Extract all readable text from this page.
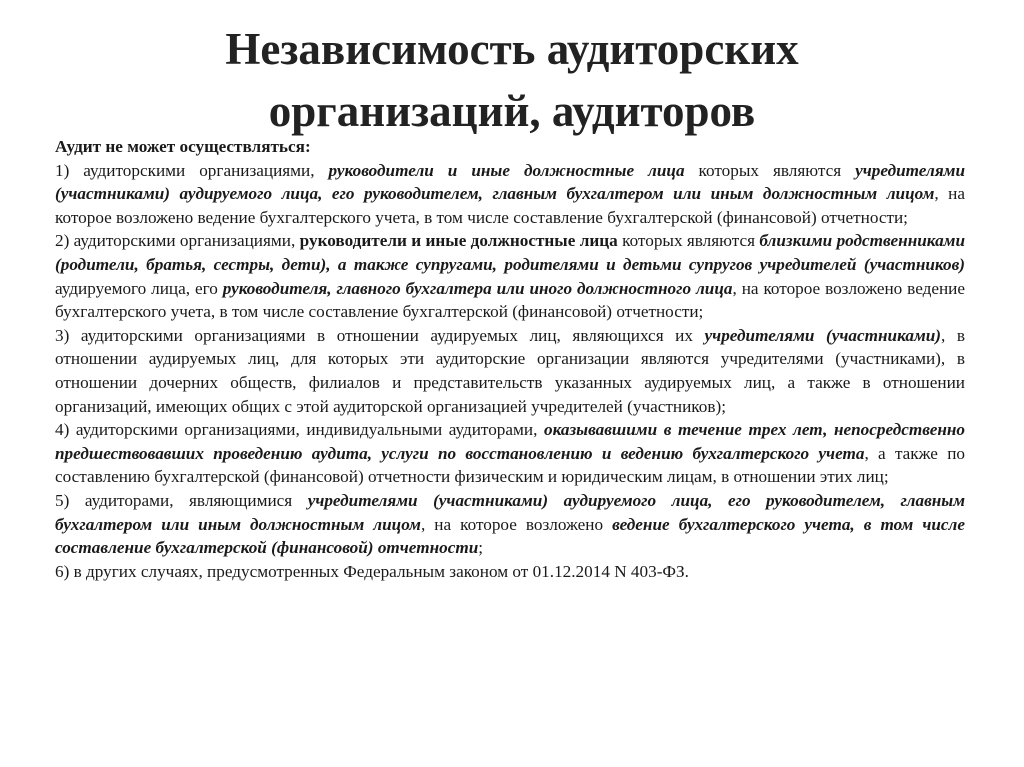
Независимость аудиторских
организаций, аудиторов

Аудит не может осуществляться:

1) аудиторскими организациями, руководители и иные должностные лица которых являются учредителями (участниками) аудируемого лица, его руководителем, главным бухгалтером или иным должностным лицом, на которое возложено ведение бухгалтерского учета, в том числе составление бухгалтерской (финансовой) отчетности;

2) аудиторскими организациями, руководители и иные должностные лица которых являются близкими родственниками (родители, братья, сестры, дети), а также супругами, родителями и детьми супругов учредителей (участников) аудируемого лица, его руководителя, главного бухгалтера или иного должностного лица, на которое возложено ведение бухгалтерского учета, в том числе составление бухгалтерской (финансовой) отчетности;

3) аудиторскими организациями в отношении аудируемых лиц, являющихся их учредителями (участниками), в отношении аудируемых лиц, для которых эти аудиторские организации являются учредителями (участниками), в отношении дочерних обществ, филиалов и представительств указанных аудируемых лиц, а также в отношении организаций, имеющих общих с этой аудиторской организацией учредителей (участников);

4) аудиторскими организациями, индивидуальными аудиторами, оказывавшими в течение трех лет, непосредственно предшествовавших проведению аудита, услуги по восстановлению и ведению бухгалтерского учета, а также по составлению бухгалтерской (финансовой) отчетности физическим и юридическим лицам, в отношении этих лиц;

5) аудиторами, являющимися учредителями (участниками) аудируемого лица, его руководителем, главным бухгалтером или иным должностным лицом, на которое возложено ведение бухгалтерского учета, в том числе составление бухгалтерской (финансовой) отчетности;

6) в других случаях, предусмотренных Федеральным законом от 01.12.2014 N 403-ФЗ.
